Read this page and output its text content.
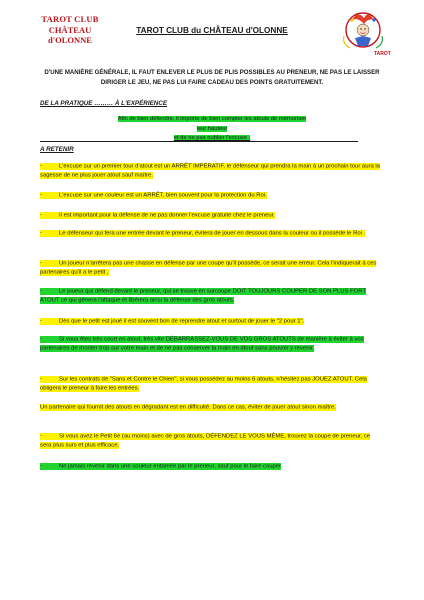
TAROT CLUB
CHÂTEAU d'OLONNE
TAROT CLUB du CHÂTEAU d'OLONNE
TAROT
D'UNE MANIÈRE GÉNÉRALE, IL FAUT ENLEVER LE PLUS DE PLIS POSSIBLES AU PRENEUR, NE PAS LE LAISSER
DIRIGER LE JEU, NE PAS LUI FAIRE CADEAU DES POINTS GRATUITEMENT.
DE LA PRATIQUE ……… À L'EXPÉRIENCE
Afin de bien défendre, il importe de bien compter les atouts de mémoriser leur hauteur
et de ne pas oublier l'excuse .
A RETENIR
-	L'excuse sur un premier tour d'atout est un ARRÊT IMPÉRATIF, le défenseur qui prendra la main à un prochain tour aura la sagesse de ne plus jouer atout sauf maître.
-	L'excuse sur une couleur est un ARRÊT, bien souvent pour la protection du Roi.
-	Il est important pour la défense de ne pas donner l'excuse gratuite chez le preneur.
-	Le défenseur qui fera une entrée devant le preneur, évitera de jouer en dessous dans la couleur ou il possède le Roi .
-	Un joueur n'arrêtera pas une chasse en défense par une coupe qu'il possède, ce serait une erreur. Cela l'indiquerait à ces partenaires qu'il a le petit ,
-	Le joueur qui défend devant le preneur, qui se trouve en surcoupe DOIT TOUJOURS COUPER DE SON PLUS FORT ATOUT ce qui gênera l'attaque et libérera ainsi la défense des gros atouts.
-	Dès que le petit est joué il est souvent bon de reprendre atout et surtout de jouer le "2 pour 1".
-	Si vous êtes très court en atout, très vite DÉBARRASSEZ-VOUS DE VOS GROS ATOUTS de manière à éviter à vos partenaires de monter trop sur votre main et de ne pas conserver la main en atout sans pouvoir y revenir.
-	Sur les contrats de "Sans et Contre le Chien", si vous possédez au moins 6 atouts, n'hésitez pas JOUEZ ATOUT. Cela obligera le preneur à faire les entrées.
Un partenaire qui fournit des atouts en dégradant est en difficulté. Dans ce cas, éviter de jouer atout sinon maître.
-	Si vous avez le Petit 6e (au moins) avec de gros atouts, DÉFENDEZ LE VOUS MÊME, trouvez la coupe de preneur, ce sera plus surs et plus efficace.
-	Ne jamais revenir dans une couleur entamée par le preneur, sauf pour le faire couper
